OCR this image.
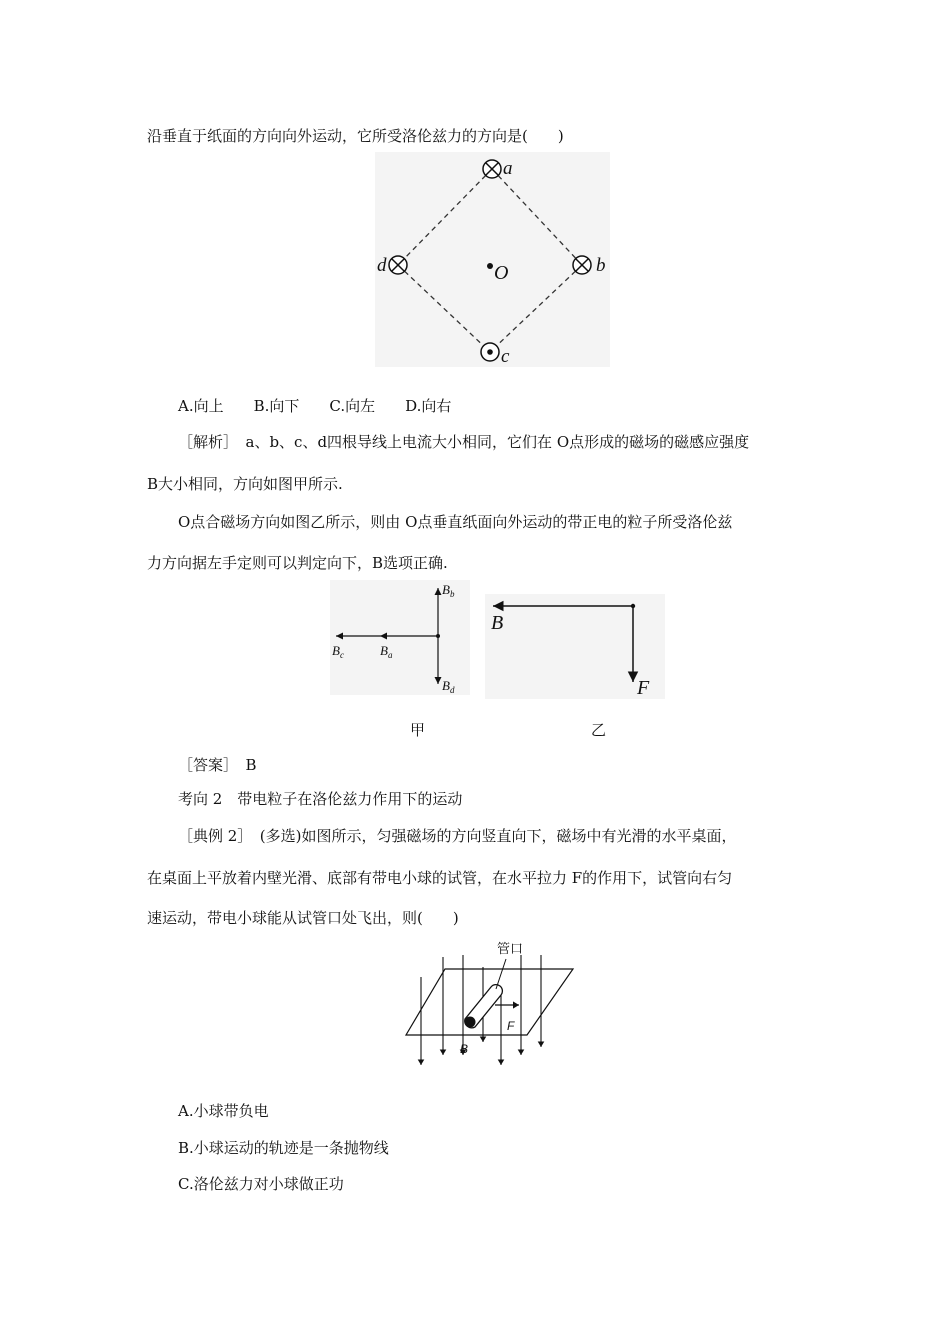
沿垂直于纸面的方向向外运动，它所受洛伦兹力的方向是(　　)
a
d	b
c
O
A.向上　　B.向下　　C.向左　　D.向右
［解析］　a、b、c、d四根导线上电流大小相同，它们在 O点形成的磁场的磁感应强度
B大小相同，方向如图甲所示.
O点合磁场方向如图乙所示，则由 O点垂直纸面向外运动的带正电的粒子所受洛伦兹
力方向据左手定则可以判定向下，B选项正确.
$B_b$
$B_d$
$B_c$	$B_a$
B
F
甲	乙
［答案］　B
考向 2　带电粒子在洛伦兹力作用下的运动
［典例 2］　(多选)如图所示，匀强磁场的方向竖直向下，磁场中有光滑的水平桌面，
在桌面上平放着内壁光滑、底部有带电小球的试管，在水平拉力 F的作用下，试管向右匀
速运动，带电小球能从试管口处飞出，则(　　)
管口
F
B
A.小球带负电
B.小球运动的轨迹是一条抛物线
C.洛伦兹力对小球做正功
